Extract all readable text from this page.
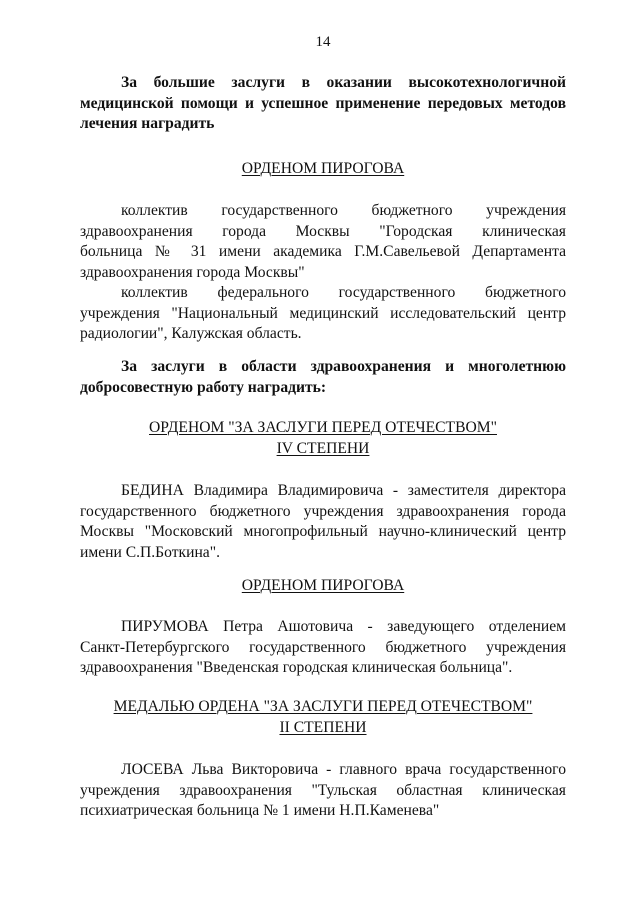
14
За большие заслуги в оказании высокотехнологичной
медицинской помощи и успешное применение передовых методов
лечения наградить
ОРДЕНОМ ПИРОГОВА
коллектив государственного бюджетного учреждения
здравоохранения города Москвы "Городская клиническая
больница № 31 имени академика Г.М.Савельевой Департамента
здравоохранения города Москвы"
коллектив федерального государственного бюджетного
учреждения "Национальный медицинский исследовательский центр
радиологии", Калужская область.
За заслуги в области здравоохранения и многолетнюю
добросовестную работу наградить:
ОРДЕНОМ "ЗА ЗАСЛУГИ ПЕРЕД ОТЕЧЕСТВОМ"
IV СТЕПЕНИ
БЕДИНА Владимира Владимировича - заместителя директора
государственного бюджетного учреждения здравоохранения города
Москвы "Московский многопрофильный научно-клинический центр
имени С.П.Боткина".
ОРДЕНОМ ПИРОГОВА
ПИРУМОВА Петра Ашотовича - заведующего отделением
Санкт-Петербургского государственного бюджетного учреждения
здравоохранения "Введенская городская клиническая больница".
МЕДАЛЬЮ ОРДЕНА "ЗА ЗАСЛУГИ ПЕРЕД ОТЕЧЕСТВОМ"
II СТЕПЕНИ
ЛОСЕВА Льва Викторовича - главного врача государственного
учреждения здравоохранения "Тульская областная клиническая
психиатрическая больница № 1 имени Н.П.Каменева"
